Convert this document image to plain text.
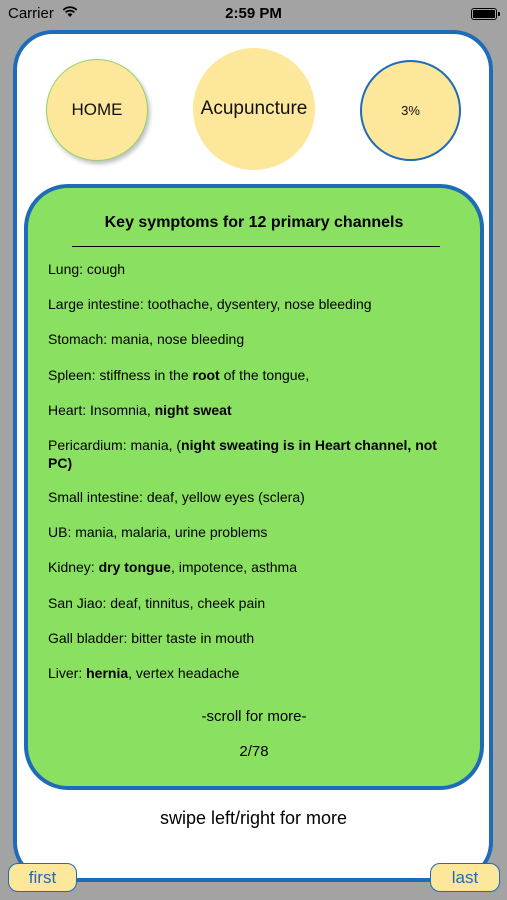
Carrier	2:59 PM
HOME	Acupuncture	3%
Key symptoms for 12 primary channels
Lung: cough
Large intestine: toothache, dysentery, nose bleeding
Stomach: mania, nose bleeding
Spleen: stiffness in the root of the tongue,
Heart: Insomnia, night sweat
Pericardium: mania, (night sweating is in Heart channel, not PC)
Small intestine: deaf, yellow eyes (sclera)
UB: mania, malaria, urine problems
Kidney: dry tongue, impotence, asthma
San Jiao: deaf, tinnitus, cheek pain
Gall bladder: bitter taste in mouth
Liver: hernia, vertex headache
-scroll for more-
2/78
swipe left/right for more
first	last
